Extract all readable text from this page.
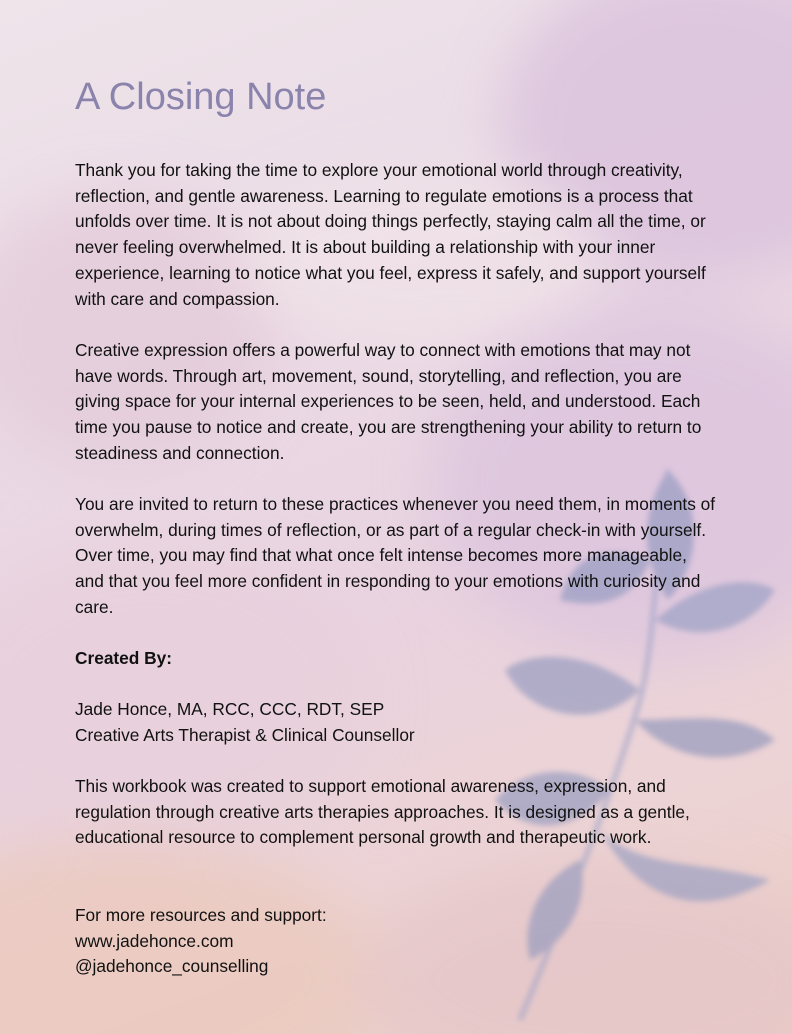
A Closing Note

Thank you for taking the time to explore your emotional world through creativity, reflection, and gentle awareness. Learning to regulate emotions is a process that unfolds over time. It is not about doing things perfectly, staying calm all the time, or never feeling overwhelmed. It is about building a relationship with your inner experience, learning to notice what you feel, express it safely, and support yourself with care and compassion.

Creative expression offers a powerful way to connect with emotions that may not have words. Through art, movement, sound, storytelling, and reflection, you are giving space for your internal experiences to be seen, held, and understood. Each time you pause to notice and create, you are strengthening your ability to return to steadiness and connection.

You are invited to return to these practices whenever you need them, in moments of overwhelm, during times of reflection, or as part of a regular check-in with yourself. Over time, you may find that what once felt intense becomes more manageable, and that you feel more confident in responding to your emotions with curiosity and care.

Created By:

Jade Honce, MA, RCC, CCC, RDT, SEP
Creative Arts Therapist & Clinical Counsellor

This workbook was created to support emotional awareness, expression, and regulation through creative arts therapies approaches. It is designed as a gentle, educational resource to complement personal growth and therapeutic work.

For more resources and support:
www.jadehonce.com
@jadehonce_counselling
